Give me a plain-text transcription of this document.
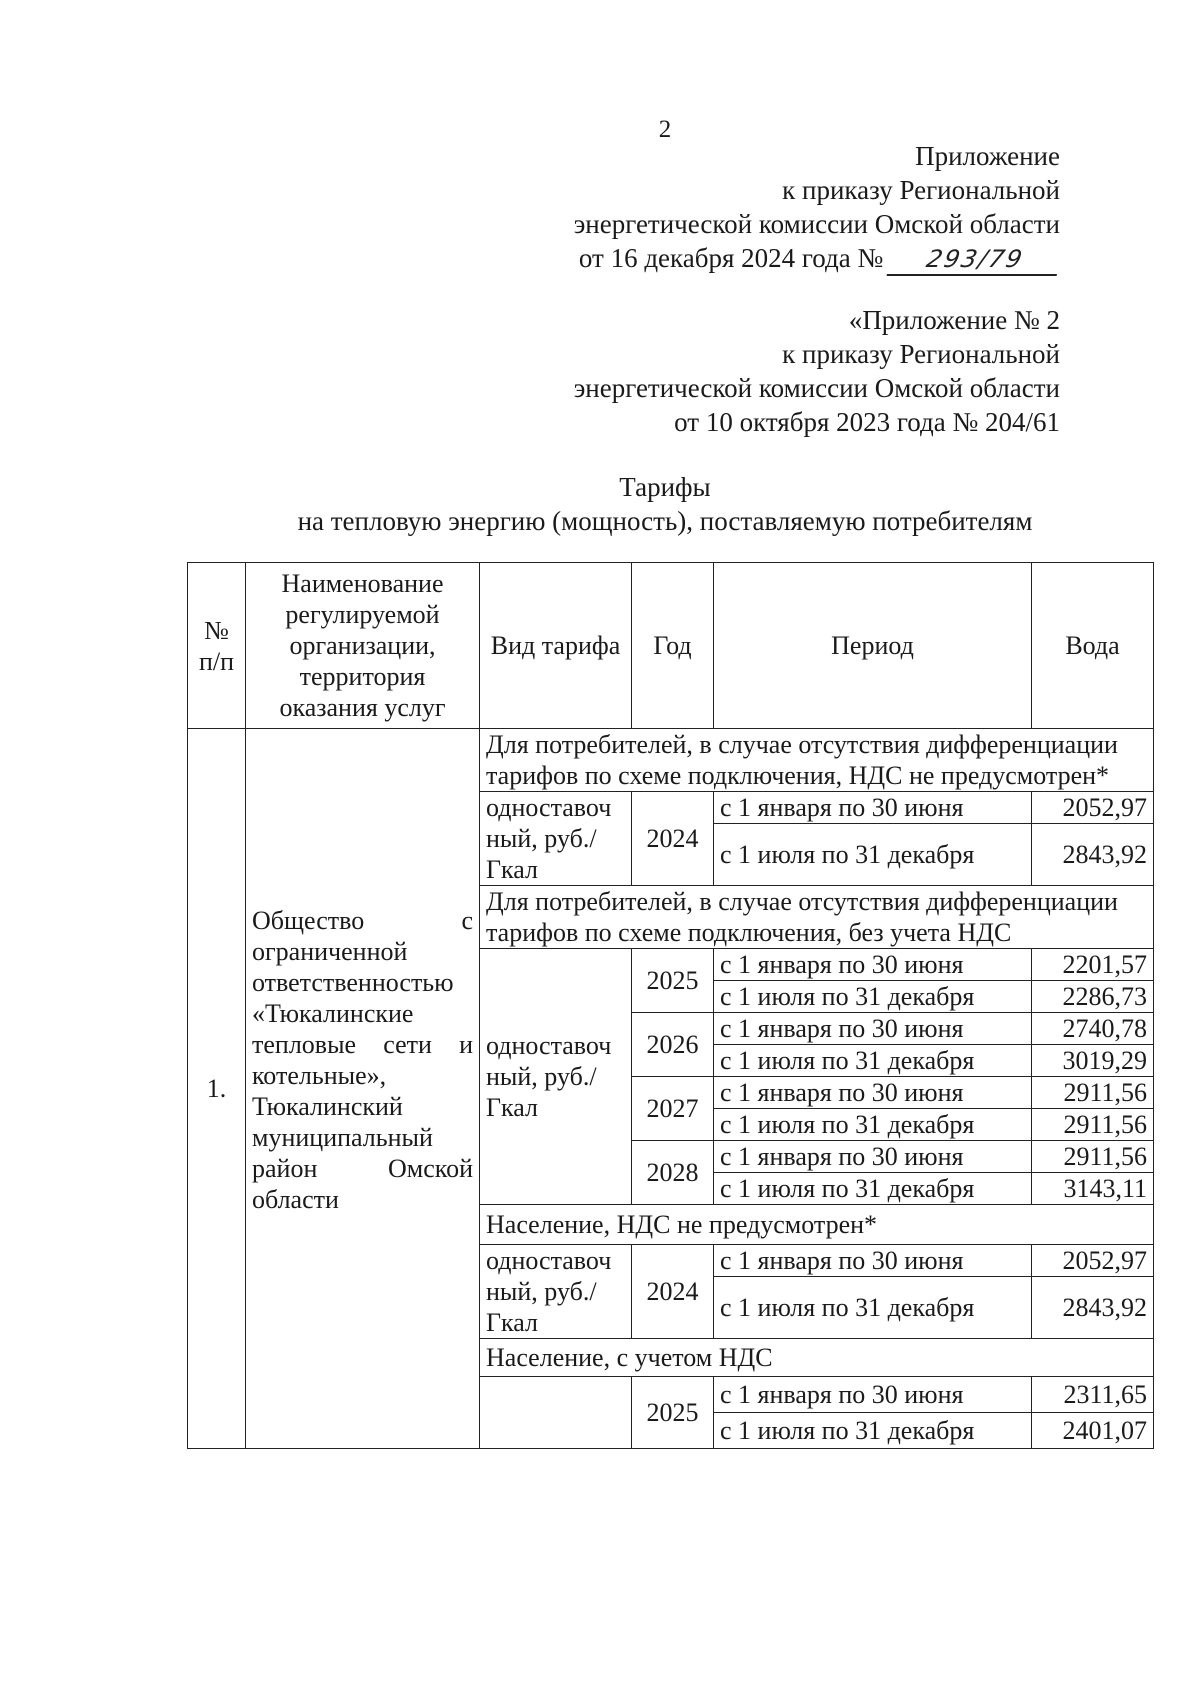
2
Приложение
к приказу Региональной
энергетической комиссии Омской области
от 16 декабря 2024 года № 293/79
«Приложение № 2
к приказу Региональной
энергетической комиссии Омской области
от 10 октября 2023 года № 204/61
Тарифы
на тепловую энергию (мощность), поставляемую потребителям
№ п/п	Наименование регулируемой организации, территория оказания услуг	Вид тарифа	Год	Период	Вода
1.	Общество с ограниченной ответственностью «Тюкалинские тепловые сети и котельные», Тюкалинский муниципальный район Омской области	Для потребителей, в случае отсутствия дифференциации тарифов по схеме подключения, НДС не предусмотрен*			
		одноставоч ный, руб./Гкал	2024	с 1 января по 30 июня	2052,97
				с 1 июля по 31 декабря	2843,92
		Для потребителей, в случае отсутствия дифференциации тарифов по схеме подключения, без учета НДС			
		одноставоч ный, руб./Гкал	2025	с 1 января по 30 июня	2201,57
				с 1 июля по 31 декабря	2286,73
			2026	с 1 января по 30 июня	2740,78
				с 1 июля по 31 декабря	3019,29
			2027	с 1 января по 30 июня	2911,56
				с 1 июля по 31 декабря	2911,56
			2028	с 1 января по 30 июня	2911,56
				с 1 июля по 31 декабря	3143,11
		Население, НДС не предусмотрен*			
		одноставоч ный, руб./Гкал	2024	с 1 января по 30 июня	2052,97
				с 1 июля по 31 декабря	2843,92
		Население, с учетом НДС			
			2025	с 1 января по 30 июня	2311,65
				с 1 июля по 31 декабря	2401,07
